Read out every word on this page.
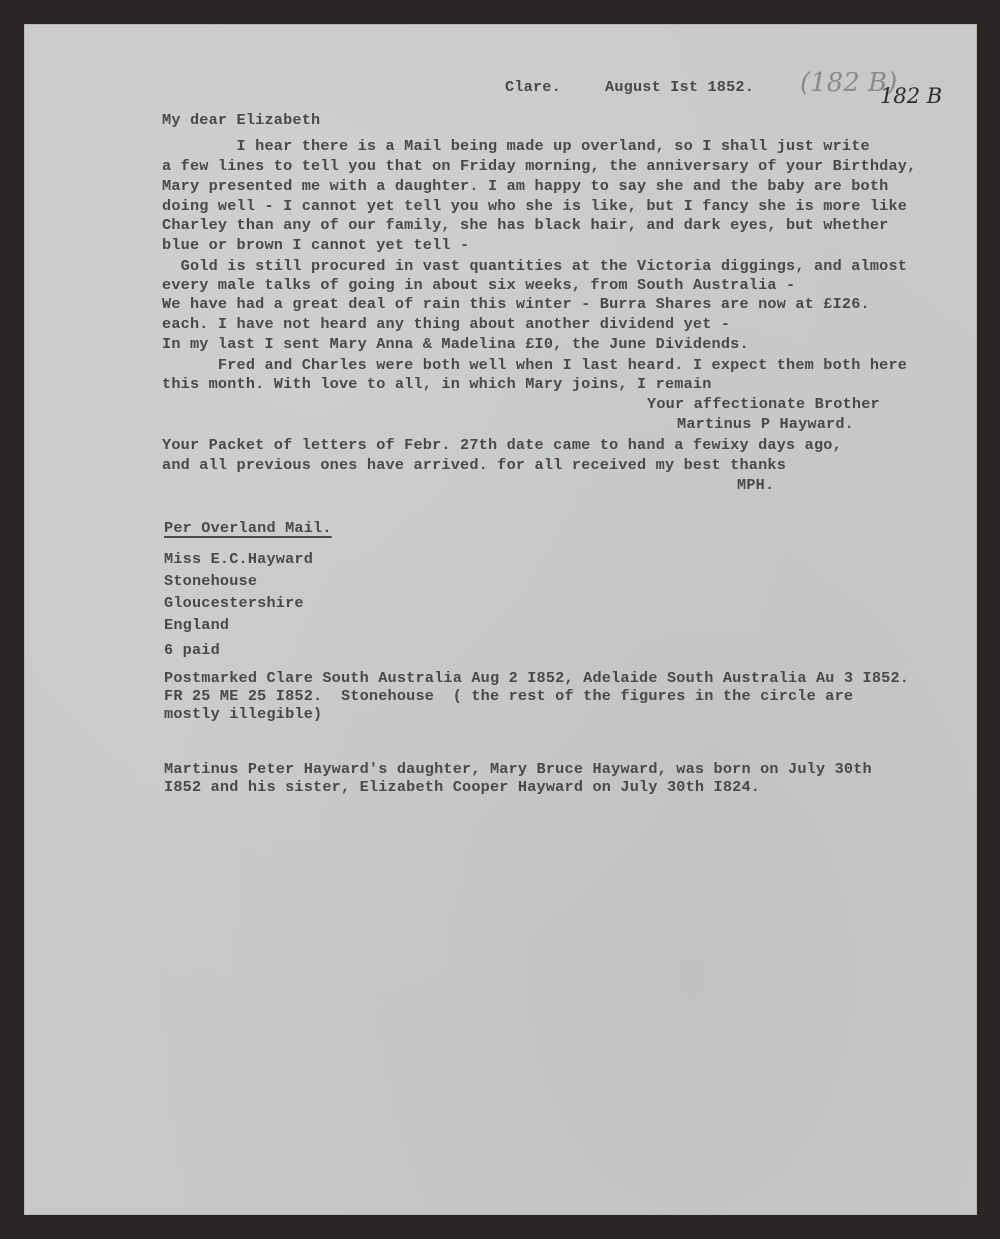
Clare.	August Ist 1852. (182 B)
182 B
My dear Elizabeth
I hear there is a Mail being made up overland, so I shall just write
a few lines to tell you that on Friday morning, the anniversary of your Birthday,
Mary presented me with a daughter. I am happy to say she and the baby are both
doing well - I cannot yet tell you who she is like, but I fancy she is more like
Charley than any of our family, she has black hair, and dark eyes, but whether
blue or brown I cannot yet tell -
Gold is still procured in vast quantities at the Victoria diggings, and almost
every male talks of going in about six weeks, from South Australia -
We have had a great deal of rain this winter - Burra Shares are now at £I26.
each. I have not heard any thing about another dividend yet -
In my last I sent Mary Anna & Madelina £I0, the June Dividends.
Fred and Charles were both well when I last heard. I expect them both here
this month. With love to all, in which Mary joins, I remain
Your affectionate Brother
Martinus P Hayward.
Your Packet of letters of Febr. 27th date came to hand a fewixy days ago,
and all previous ones have arrived. for all received my best thanks
MPH.
Per Overland Mail.
Miss E.C.Hayward
Stonehouse
Gloucestershire
England
6 paid
Postmarked Clare South Australia Aug 2 I852, Adelaide South Australia Au 3 I852.
FR 25 ME 25 I852.  Stonehouse  ( the rest of the figures in the circle are
mostly illegible)
Martinus Peter Hayward's daughter, Mary Bruce Hayward, was born on July 30th
I852 and his sister, Elizabeth Cooper Hayward on July 30th I824.
